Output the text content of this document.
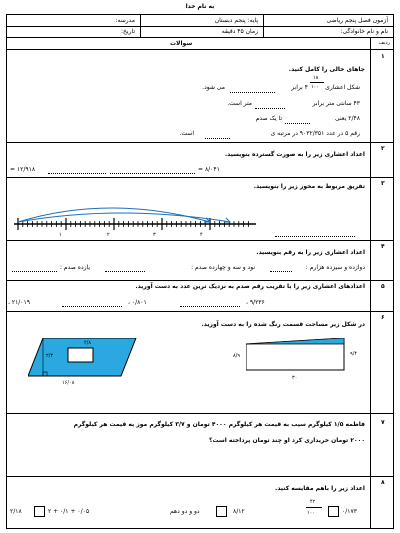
به نام خدا
آزمون فصل پنجم ریاضی
پایه: پنجم دبستان
مدرسه:
نام و نام خانوادگی:
زمان ۴۵ دقیقه
تاریخ:
ردیف
سوالات
۱
جاهای خالی را کامل کنید.
شکل اعشاری
۱۸
۱۰۰
۴ برابر
می شود.
۴۳ سانتی متر برابر
متر است.
۲/۴۸ یعنی
تا یک صدم
رقم ۵ در عدد ۹۰۳۲/۳۵۱ در مرتبه ی
است.
۲
اعداد اعشاری زیر را به صورت گسترده بنویسید.
۸/۰۴۱ =
۱۲/۹۱۸ =
۳
تفریق مربوط به محور زیر را بنویسید.
۱	۲	۳	۴
۴
اعداد اعشاری زیر را به رقم بنویسید.
دوازده و سیزده هزارم :
نود و سه و چهارده صدم :
یازده صدم :
۵
اعدادهای اعشاری زیر را با تقریب رقم صدم به نزدیک ترین عدد به دست آورید.
۹/۲۳۶ ،
۰/۸۰۱ ،
۲۱/۰۱۹ ،
۶
در شکل زیر مساحت قسمت رنگ شده را به دست آورید.
۲/۸
۲/۳
۱۶/۰۸
۸/۹	۹/۴
۳۰
۷
فاطمه ۱/۵ کیلوگرم سیب به قیمت هر کیلوگرم ۴۰۰۰ تومان و ۳/۷ کیلوگرم موز به قیمت هر کیلوگرم
۲۰۰۰ تومان خریداری کرد او چند تومان پرداخته است؟
۸
اعداد زیر را باهم مقایسه کنید.
۰/۱۷۳
۴۲
۱۰۰
۸/۱۲
دو و دو دهم
۲ + ۰/۱ + ۰/۰۵
۲/۱۸
